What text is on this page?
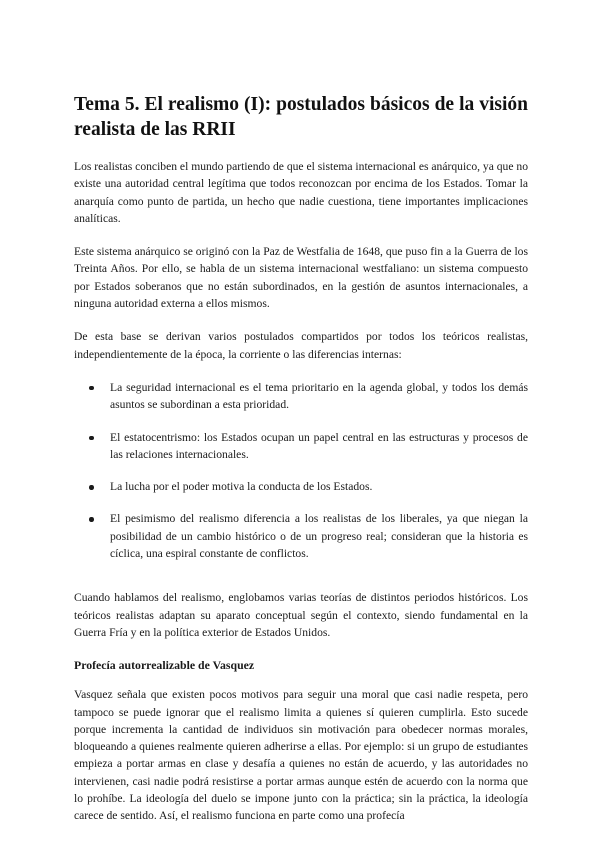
Tema 5. El realismo (I): postulados básicos de la visión realista de las RRII

Los realistas conciben el mundo partiendo de que el sistema internacional es anárquico, ya que no existe una autoridad central legítima que todos reconozcan por encima de los Estados. Tomar la anarquía como punto de partida, un hecho que nadie cuestiona, tiene importantes implicaciones analíticas.

Este sistema anárquico se originó con la Paz de Westfalia de 1648, que puso fin a la Guerra de los Treinta Años. Por ello, se habla de un sistema internacional westfaliano: un sistema compuesto por Estados soberanos que no están subordinados, en la gestión de asuntos internacionales, a ninguna autoridad externa a ellos mismos.

De esta base se derivan varios postulados compartidos por todos los teóricos realistas, independientemente de la época, la corriente o las diferencias internas:

La seguridad internacional es el tema prioritario en la agenda global, y todos los demás asuntos se subordinan a esta prioridad.
El estatocentrismo: los Estados ocupan un papel central en las estructuras y procesos de las relaciones internacionales.
La lucha por el poder motiva la conducta de los Estados.
El pesimismo del realismo diferencia a los realistas de los liberales, ya que niegan la posibilidad de un cambio histórico o de un progreso real; consideran que la historia es cíclica, una espiral constante de conflictos.

Cuando hablamos del realismo, englobamos varias teorías de distintos periodos históricos. Los teóricos realistas adaptan su aparato conceptual según el contexto, siendo fundamental en la Guerra Fría y en la política exterior de Estados Unidos.

Profecía autorrealizable de Vasquez

Vasquez señala que existen pocos motivos para seguir una moral que casi nadie respeta, pero tampoco se puede ignorar que el realismo limita a quienes sí quieren cumplirla. Esto sucede porque incrementa la cantidad de individuos sin motivación para obedecer normas morales, bloqueando a quienes realmente quieren adherirse a ellas. Por ejemplo: si un grupo de estudiantes empieza a portar armas en clase y desafía a quienes no están de acuerdo, y las autoridades no intervienen, casi nadie podrá resistirse a portar armas aunque estén de acuerdo con la norma que lo prohíbe. La ideología del duelo se impone junto con la práctica; sin la práctica, la ideología carece de sentido. Así, el realismo funciona en parte como una profecía
